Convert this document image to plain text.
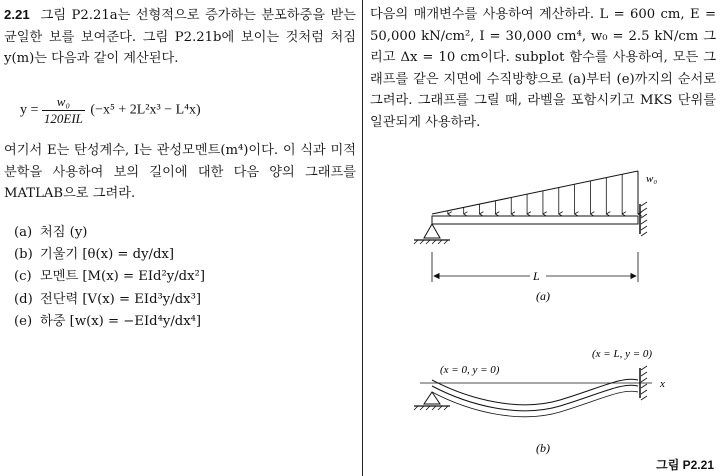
2.21 그림 P2.21a는 선형적으로 증가하는 분포하중을 받는 균일한 보를 보여준다. 그림 P2.21b에 보이는 것처럼 처짐 y(m)는 다음과 같이 계산된다.

$y = \frac{\text{w₀}}{\text{120EIL}} (-x^5 + 2L^2x^3 - L^4x)$

여기서 E는 탄성계수, I는 관성모멘트(m⁴)이다. 이 식과 미적분학을 사용하여 보의 길이에 대한 다음 양의 그래프를 MATLAB으로 그려라.

(a) 처짐 (y)
(b) 기울기 [θ(x) = dy/dx]
(c) 모멘트 [M(x) = EId²y/dx²]
(d) 전단력 [V(x) = EId³y/dx³]
(e) 하중 [w(x) = −EId⁴y/dx⁴]

다음의 매개변수를 사용하여 계산하라. L = 600 cm, E = 50,000 kN/cm², I = 30,000 cm⁴, w₀ = 2.5 kN/cm 그리고 Δx = 10 cm이다. subplot 함수를 사용하여, 모든 그래프를 같은 지면에 수직방향으로 (a)부터 (e)까지의 순서로 그려라. 그래프를 그릴 때, 라벨을 포함시키고 MKS 단위를 일관되게 사용하라.

w₀
L
(a)
(x = 0, y = 0)
(x = L, y = 0)
x
(b)
그림 P2.21
